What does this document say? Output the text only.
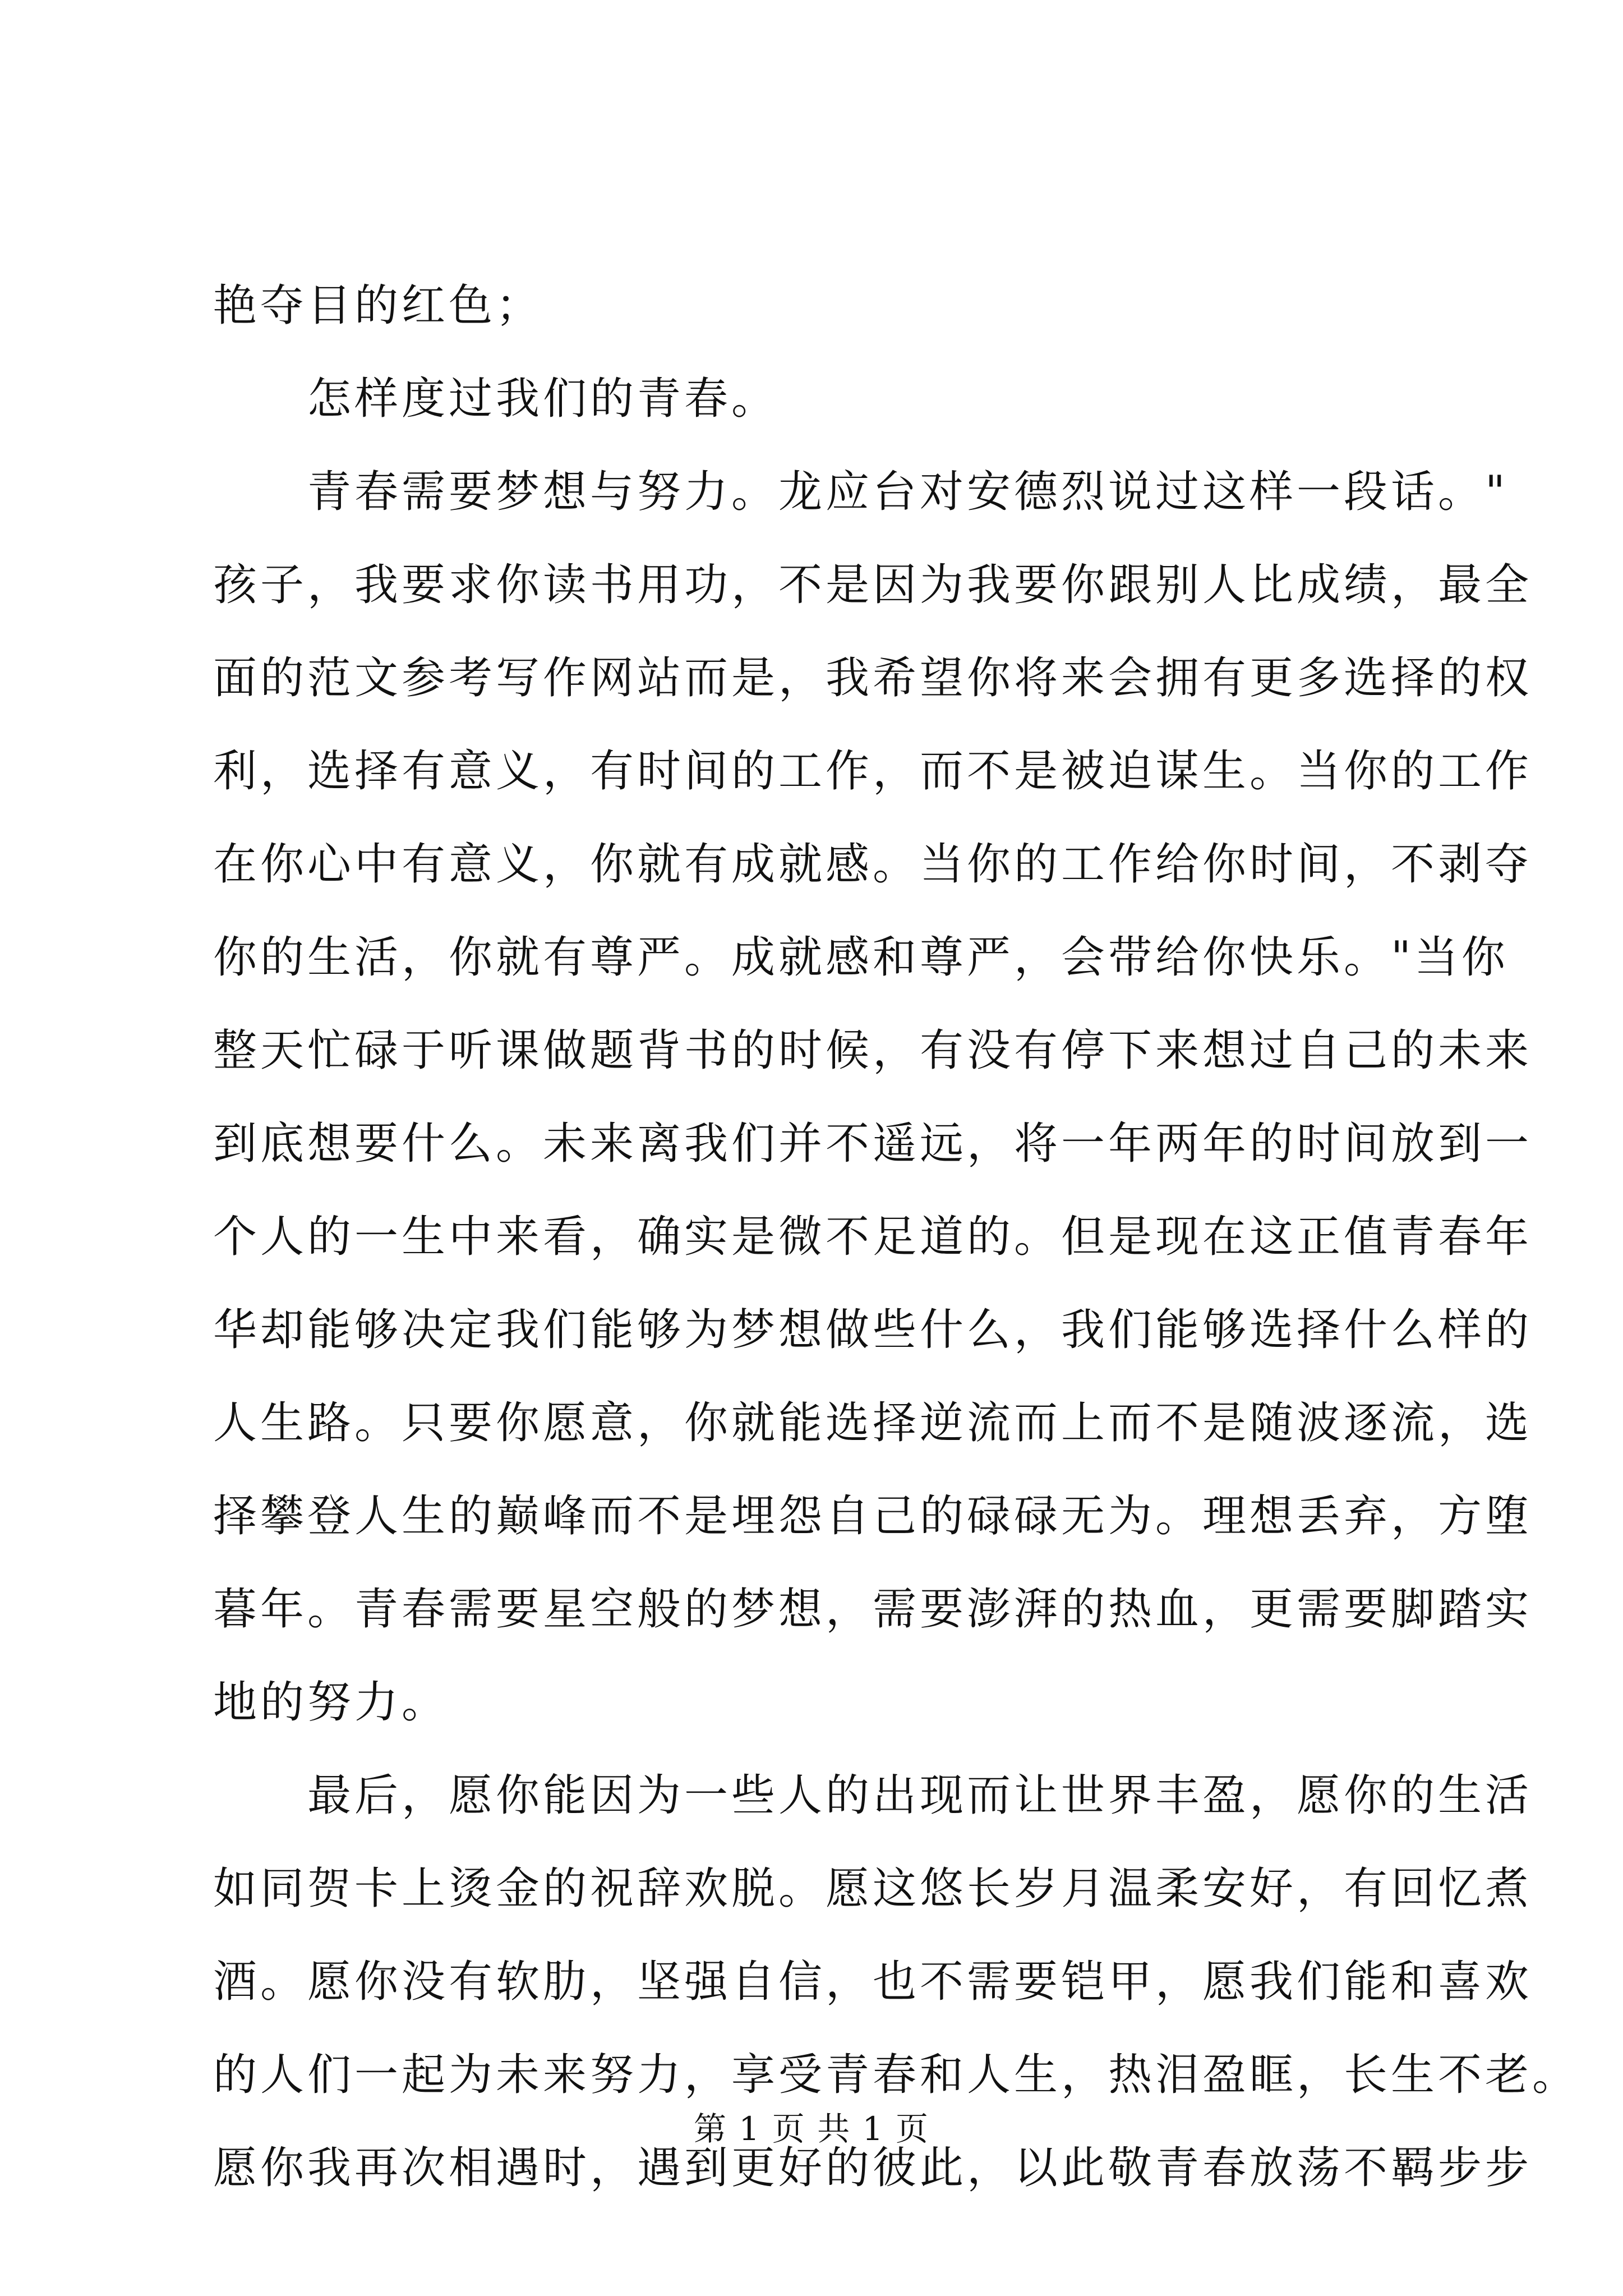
艳夺目的红色；
　　怎样度过我们的青春。
　　青春需要梦想与努力。龙应台对安德烈说过这样一段话。"
孩子，我要求你读书用功，不是因为我要你跟别人比成绩，最全
面的范文参考写作网站而是，我希望你将来会拥有更多选择的权
利，选择有意义，有时间的工作，而不是被迫谋生。当你的工作
在你心中有意义，你就有成就感。当你的工作给你时间，不剥夺
你的生活，你就有尊严。成就感和尊严，会带给你快乐。"当你
整天忙碌于听课做题背书的时候，有没有停下来想过自己的未来
到底想要什么。未来离我们并不遥远，将一年两年的时间放到一
个人的一生中来看，确实是微不足道的。但是现在这正值青春年
华却能够决定我们能够为梦想做些什么，我们能够选择什么样的
人生路。只要你愿意，你就能选择逆流而上而不是随波逐流，选
择攀登人生的巅峰而不是埋怨自己的碌碌无为。理想丢弃，方堕
暮年。青春需要星空般的梦想，需要澎湃的热血，更需要脚踏实
地的努力。
　　最后，愿你能因为一些人的出现而让世界丰盈，愿你的生活
如同贺卡上烫金的祝辞欢脱。愿这悠长岁月温柔安好，有回忆煮
酒。愿你没有软肋，坚强自信，也不需要铠甲，愿我们能和喜欢
的人们一起为未来努力，享受青春和人生，热泪盈眶，长生不老。
愿你我再次相遇时，遇到更好的彼此，以此敬青春放荡不羁步步
第 1 页 共 1 页
